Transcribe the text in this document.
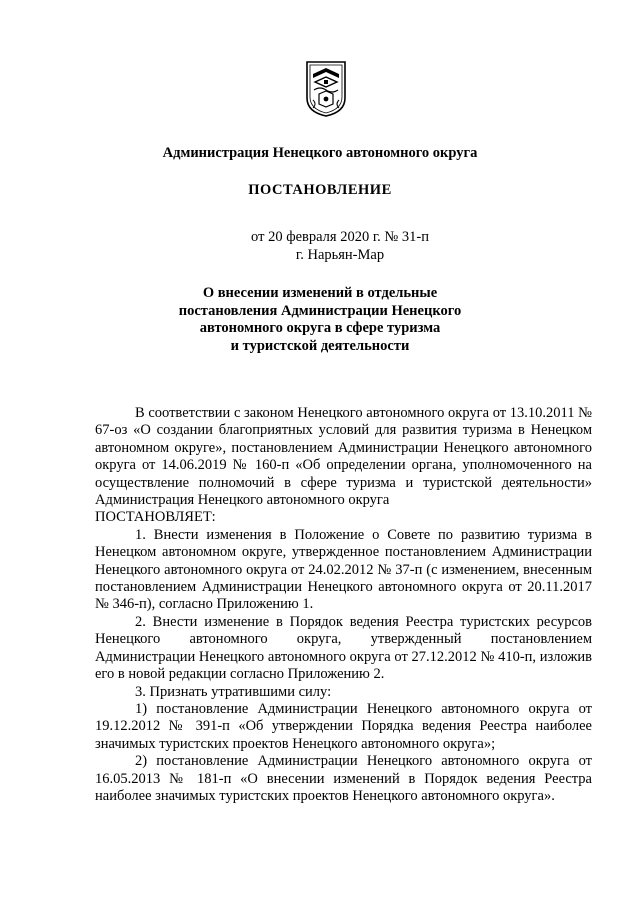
Администрация Ненецкого автономного округа
ПОСТАНОВЛЕНИЕ
от 20 февраля 2020 г. № 31-п
г. Нарьян-Мар
О внесении изменений в отдельные
постановления Администрации Ненецкого
автономного округа в сфере туризма
и туристской деятельности

В соответствии с законом Ненецкого автономного округа от 13.10.2011 № 67-оз «О создании благоприятных условий для развития туризма в Ненецком автономном округе», постановлением Администрации Ненецкого автономного округа от 14.06.2019 № 160-п «Об определении органа, уполномоченного на осуществление полномочий в сфере туризма и туристской деятельности» Администрация Ненецкого автономного округа

ПОСТАНОВЛЯЕТ:

1. Внести изменения в Положение о Совете по развитию туризма в Ненецком автономном округе, утвержденное постановлением Администрации Ненецкого автономного округа от 24.02.2012 № 37-п (с изменением, внесенным постановлением Администрации Ненецкого автономного округа от 20.11.2017 № 346-п), согласно Приложению 1.

2. Внести изменение в Порядок ведения Реестра туристских ресурсов Ненецкого автономного округа, утвержденный постановлением Администрации Ненецкого автономного округа от 27.12.2012 № 410-п, изложив его в новой редакции согласно Приложению 2.

3. Признать утратившими силу:

1) постановление Администрации Ненецкого автономного округа от 19.12.2012 № 391-п «Об утверждении Порядка ведения Реестра наиболее значимых туристских проектов Ненецкого автономного округа»;

2) постановление Администрации Ненецкого автономного округа от 16.05.2013 № 181-п «О внесении изменений в Порядок ведения Реестра наиболее значимых туристских проектов Ненецкого автономного округа».
